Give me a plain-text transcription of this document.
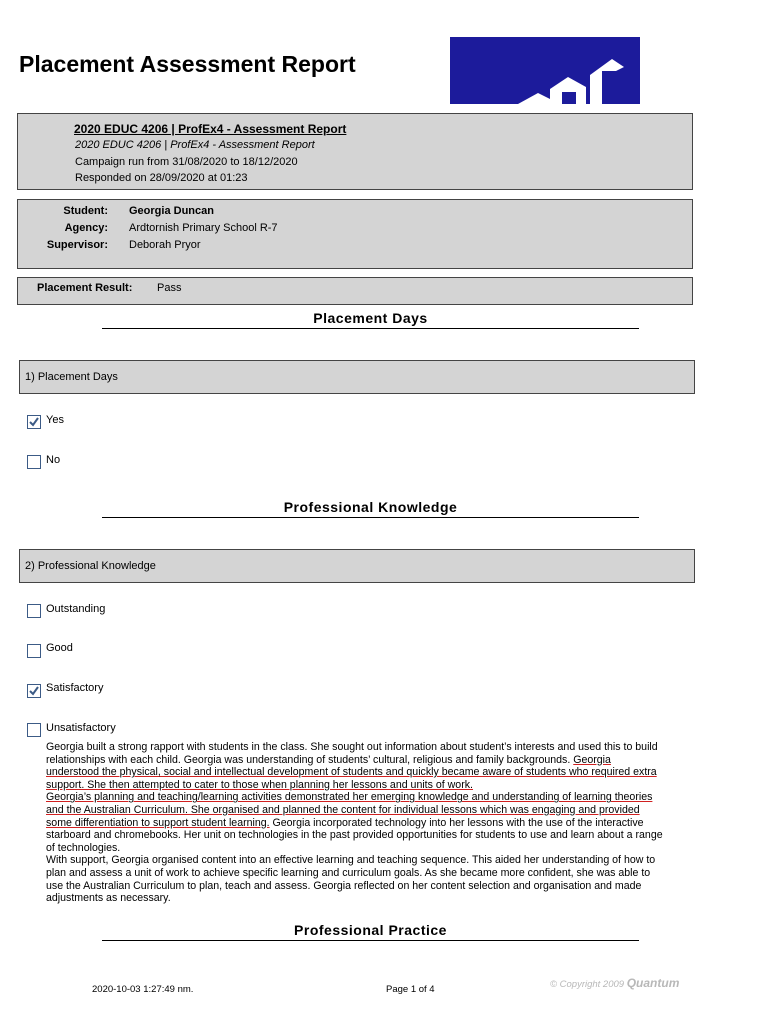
Placement Assessment Report
2020 EDUC 4206 | ProfEx4 - Assessment Report
2020 EDUC 4206 | ProfEx4 - Assessment Report
Campaign run from 31/08/2020 to 18/12/2020
Responded on 28/09/2020 at 01:23
Student: Georgia Duncan
Agency: Ardtornish Primary School R-7
Supervisor: Deborah Pryor
Placement Result: Pass
Placement Days
1) Placement Days
Yes
No
Professional Knowledge
2) Professional Knowledge
Outstanding
Good
Satisfactory
Unsatisfactory
Georgia built a strong rapport with students in the class. She sought out information about student’s interests and used this to build relationships with each child. Georgia was understanding of students’ cultural, religious and family backgrounds. Georgia understood the physical, social and intellectual development of students and quickly became aware of students who required extra support. She then attempted to cater to those when planning her lessons and units of work.
Georgia’s planning and teaching/learning activities demonstrated her emerging knowledge and understanding of learning theories and the Australian Curriculum. She organised and planned the content for individual lessons which was engaging and provided some differentiation to support student learning. Georgia incorporated technology into her lessons with the use of the interactive starboard and chromebooks. Her unit on technologies in the past provided opportunities for students to use and learn about a range of technologies.
With support, Georgia organised content into an effective learning and teaching sequence. This aided her understanding of how to plan and assess a unit of work to achieve specific learning and curriculum goals. As she became more confident, she was able to use the Australian Curriculum to plan, teach and assess. Georgia reflected on her content selection and organisation and made adjustments as necessary.
Professional Practice
2020-10-03 1:27:49 nm.	Page 1 of 4	© Copyright 2009 Quantum
